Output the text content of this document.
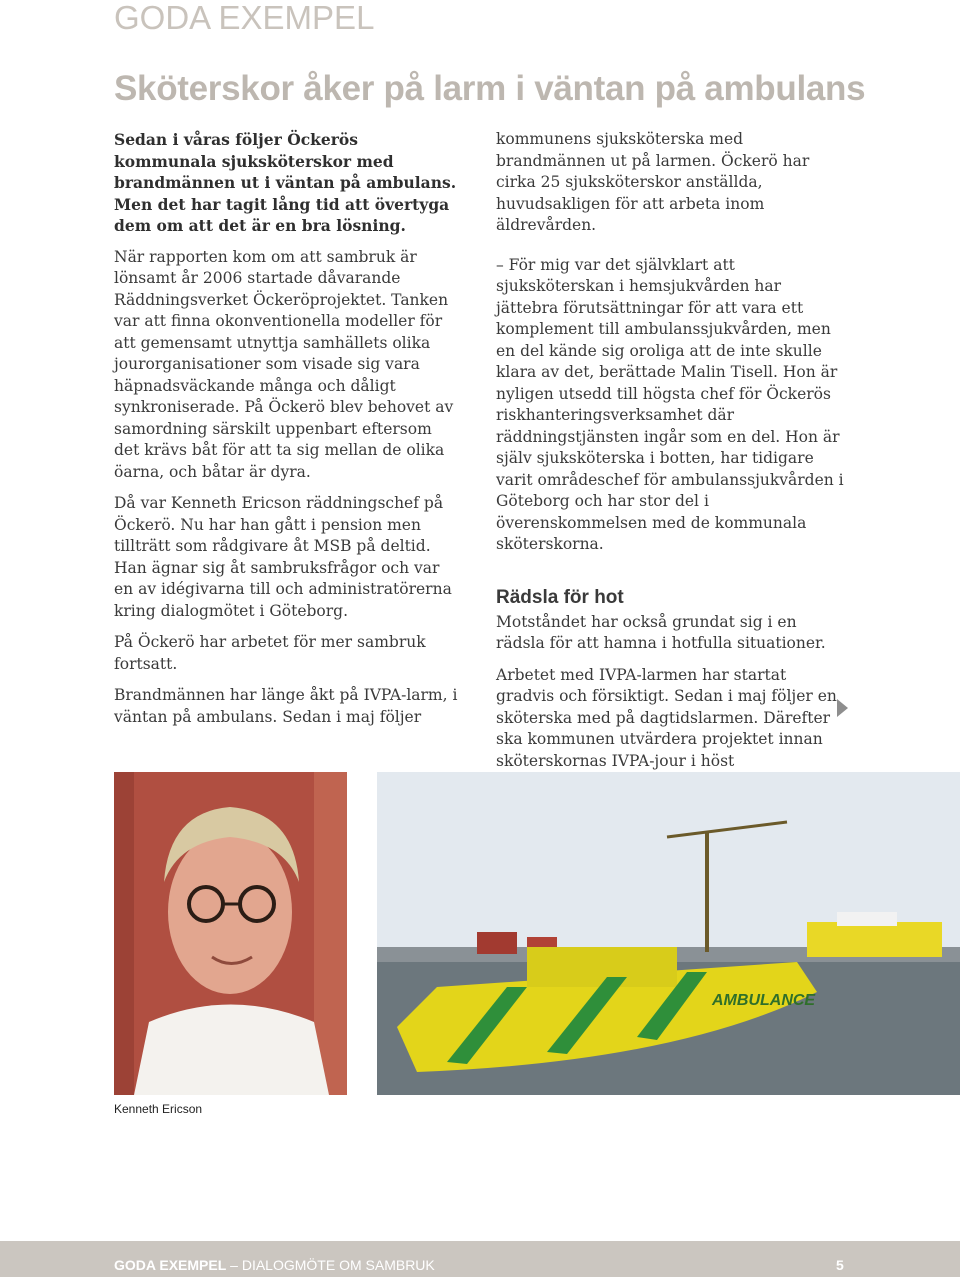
GODA EXEMPEL
Sköterskor åker på larm i väntan på ambulans

Sedan i våras följer Öckerös kommunala sjuksköterskor med brandmännen ut i väntan på ambulans. Men det har tagit lång tid att övertyga dem om att det är en bra lösning.

När rapporten kom om att sambruk är lönsamt år 2006 startade dåvarande Räddningsverket Öckeröprojektet. Tanken var att finna okonventionella modeller för att gemensamt utnyttja samhällets olika jourorganisationer som visade sig vara häpnadsväckande många och dåligt synkroniserade. På Öckerö blev behovet av samordning särskilt uppenbart eftersom det krävs båt för att ta sig mellan de olika öarna, och båtar är dyra.

Då var Kenneth Ericson räddningschef på Öckerö. Nu har han gått i pension men tillträtt som rådgivare åt MSB på deltid. Han ägnar sig åt sambruksfrågor och var en av idégivarna till och administratörerna kring dialogmötet i Göteborg.

På Öckerö har arbetet för mer sambruk fortsatt.

Brandmännen har länge åkt på IVPA-larm, i väntan på ambulans. Sedan i maj följer

kommunens sjuksköterska med brandmännen ut på larmen. Öckerö har cirka 25 sjuksköterskor anställda, huvudsakligen för att arbeta inom äldrevården.

– För mig var det självklart att sjuksköterskan i hemsjukvården har jättebra förutsättningar för att vara ett komplement till ambulanssjukvården, men en del kände sig oroliga att de inte skulle klara av det, berättade Malin Tisell. Hon är nyligen utsedd till högsta chef för Öckerös riskhanteringsverksamhet där räddningstjänsten ingår som en del. Hon är själv sjuksköterska i botten, har tidigare varit områdeschef för ambulanssjukvården i Göteborg och har stor del i överenskommelsen med de kommunala sköterskorna.

Rädsla för hot

Motståndet har också grundat sig i en rädsla för att hamna i hotfulla situationer.

Arbetet med IVPA-larmen har startat gradvis och försiktigt. Sedan i maj följer en sköterska med på dagtidslarmen. Därefter ska kommunen utvärdera projektet innan sköterskornas IVPA-jour i höst

AMBULANCE
Kenneth Ericson
GODA EXEMPEL – DIALOGMÖTE OM SAMBRUK	5
